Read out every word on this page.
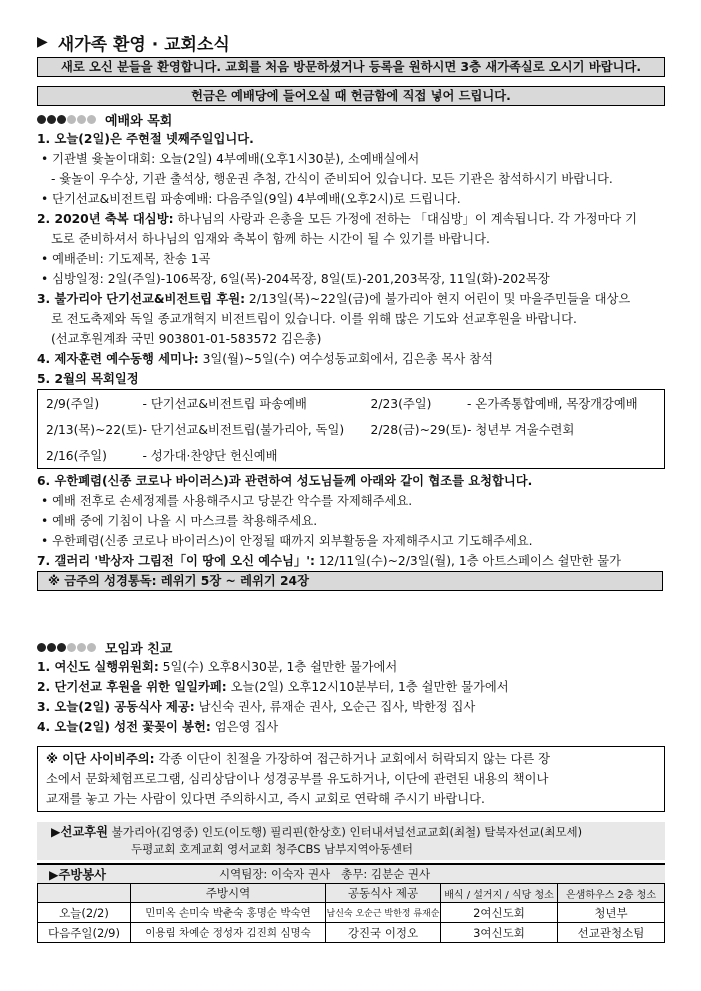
▶ 새가족 환영 · 교회소식
새로 오신 분들을 환영합니다. 교회를 처음 방문하셨거나 등록을 원하시면 3층 새가족실로 오시기 바랍니다.
헌금은 예배당에 들어오실 때 헌금함에 직접 넣어 드립니다.
예배와 목회
1. 오늘(2일)은 주현절 넷째주일입니다.
• 기관별 윷놀이대회: 오늘(2일) 4부예배(오후1시30분), 소예배실에서
- 윷놀이 우수상, 기관 출석상, 행운권 추첨, 간식이 준비되어 있습니다. 모든 기관은 참석하시기 바랍니다.
• 단기선교&비전트립 파송예배: 다음주일(9일) 4부예배(오후2시)로 드립니다.
2. 2020년 축복 대심방: 하나님의 사랑과 은총을 모든 가정에 전하는 「대심방」이 계속됩니다. 각 가정마다 기
도로 준비하셔서 하나님의 임재와 축복이 함께 하는 시간이 될 수 있기를 바랍니다.
• 예배준비: 기도제목, 찬송 1곡
• 심방일정: 2일(주일)-106목장, 6일(목)-204목장, 8일(토)-201,203목장, 11일(화)-202목장
3. 불가리아 단기선교&비전트립 후원: 2/13일(목)~22일(금)에 불가리아 현지 어린이 및 마을주민들을 대상으
로 전도축제와 독일 종교개혁지 비전트립이 있습니다. 이를 위해 많은 기도와 선교후원을 바랍니다.
(선교후원계좌 국민 903801-01-583572 김은총)
4. 제자훈련 예수동행 세미나: 3일(월)~5일(수) 여수성동교회에서, 김은총 목사 참석
5. 2월의 목회일정
2/9(주일)	- 단기선교&비전트립 파송예배	2/23(주일)	- 온가족통합예배, 목장개강예배
2/13(목)~22(토)	- 단기선교&비전트립(불가리아, 독일)	2/28(금)~29(토)	- 청년부 겨울수련회
2/16(주일)	- 성가대·찬양단 헌신예배		
6. 우한폐렴(신종 코로나 바이러스)과 관련하여 성도님들께 아래와 같이 협조를 요청합니다.
• 예배 전후로 손세정제를 사용해주시고 당분간 악수를 자제해주세요.
• 예배 중에 기침이 나올 시 마스크를 착용해주세요.
• 우한폐렴(신종 코로나 바이러스)이 안정될 때까지 외부활동을 자제해주시고 기도해주세요.
7. 갤러리 '박상자 그림전「이 땅에 오신 예수님」': 12/11일(수)~2/3일(월), 1층 아트스페이스 쉴만한 물가
※ 금주의 성경통독: 레위기 5장 ~ 레위기 24장
모임과 친교
1. 여신도 실행위원회: 5일(수) 오후8시30분, 1층 쉴만한 물가에서
2. 단기선교 후원을 위한 일일카페: 오늘(2일) 오후12시10분부터, 1층 쉴만한 물가에서
3. 오늘(2일) 공동식사 제공: 남신숙 권사, 류재순 권사, 오순근 집사, 박한정 집사
4. 오늘(2일) 성전 꽃꽂이 봉헌: 엄은영 집사
※ 이단 사이비주의: 각종 이단이 친절을 가장하여 접근하거나 교회에서 허락되지 않는 다른 장
소에서 문화체험프로그램, 심리상담이나 성경공부를 유도하거나, 이단에 관련된 내용의 책이나
교재를 놓고 가는 사람이 있다면 주의하시고, 즉시 교회로 연락해 주시기 바랍니다.
▶선교후원 불가리아(김영중) 인도(이도행) 필리핀(한상호) 인터내셔널선교교회(최철) 탈북자선교(최모세)
두평교회 호계교회 영서교회 청주CBS 남부지역아동센터
▶주방봉사	시역팀장: 이숙자 권사   총무: 김분순 권사
	주방시역	공동식사 제공	배식 / 설거지 / 식당 청소	은샘하우스 2층 청소
오늘(2/2)	민미옥 손미숙 박춘숙 홍명순 박숙연	남신숙 오순근 박한정 류재순	2여신도회	청년부
다음주일(2/9)	이용림 차예순 정성자 김진희 심명숙	강진국 이정오	3여신도회	선교관청소팀
